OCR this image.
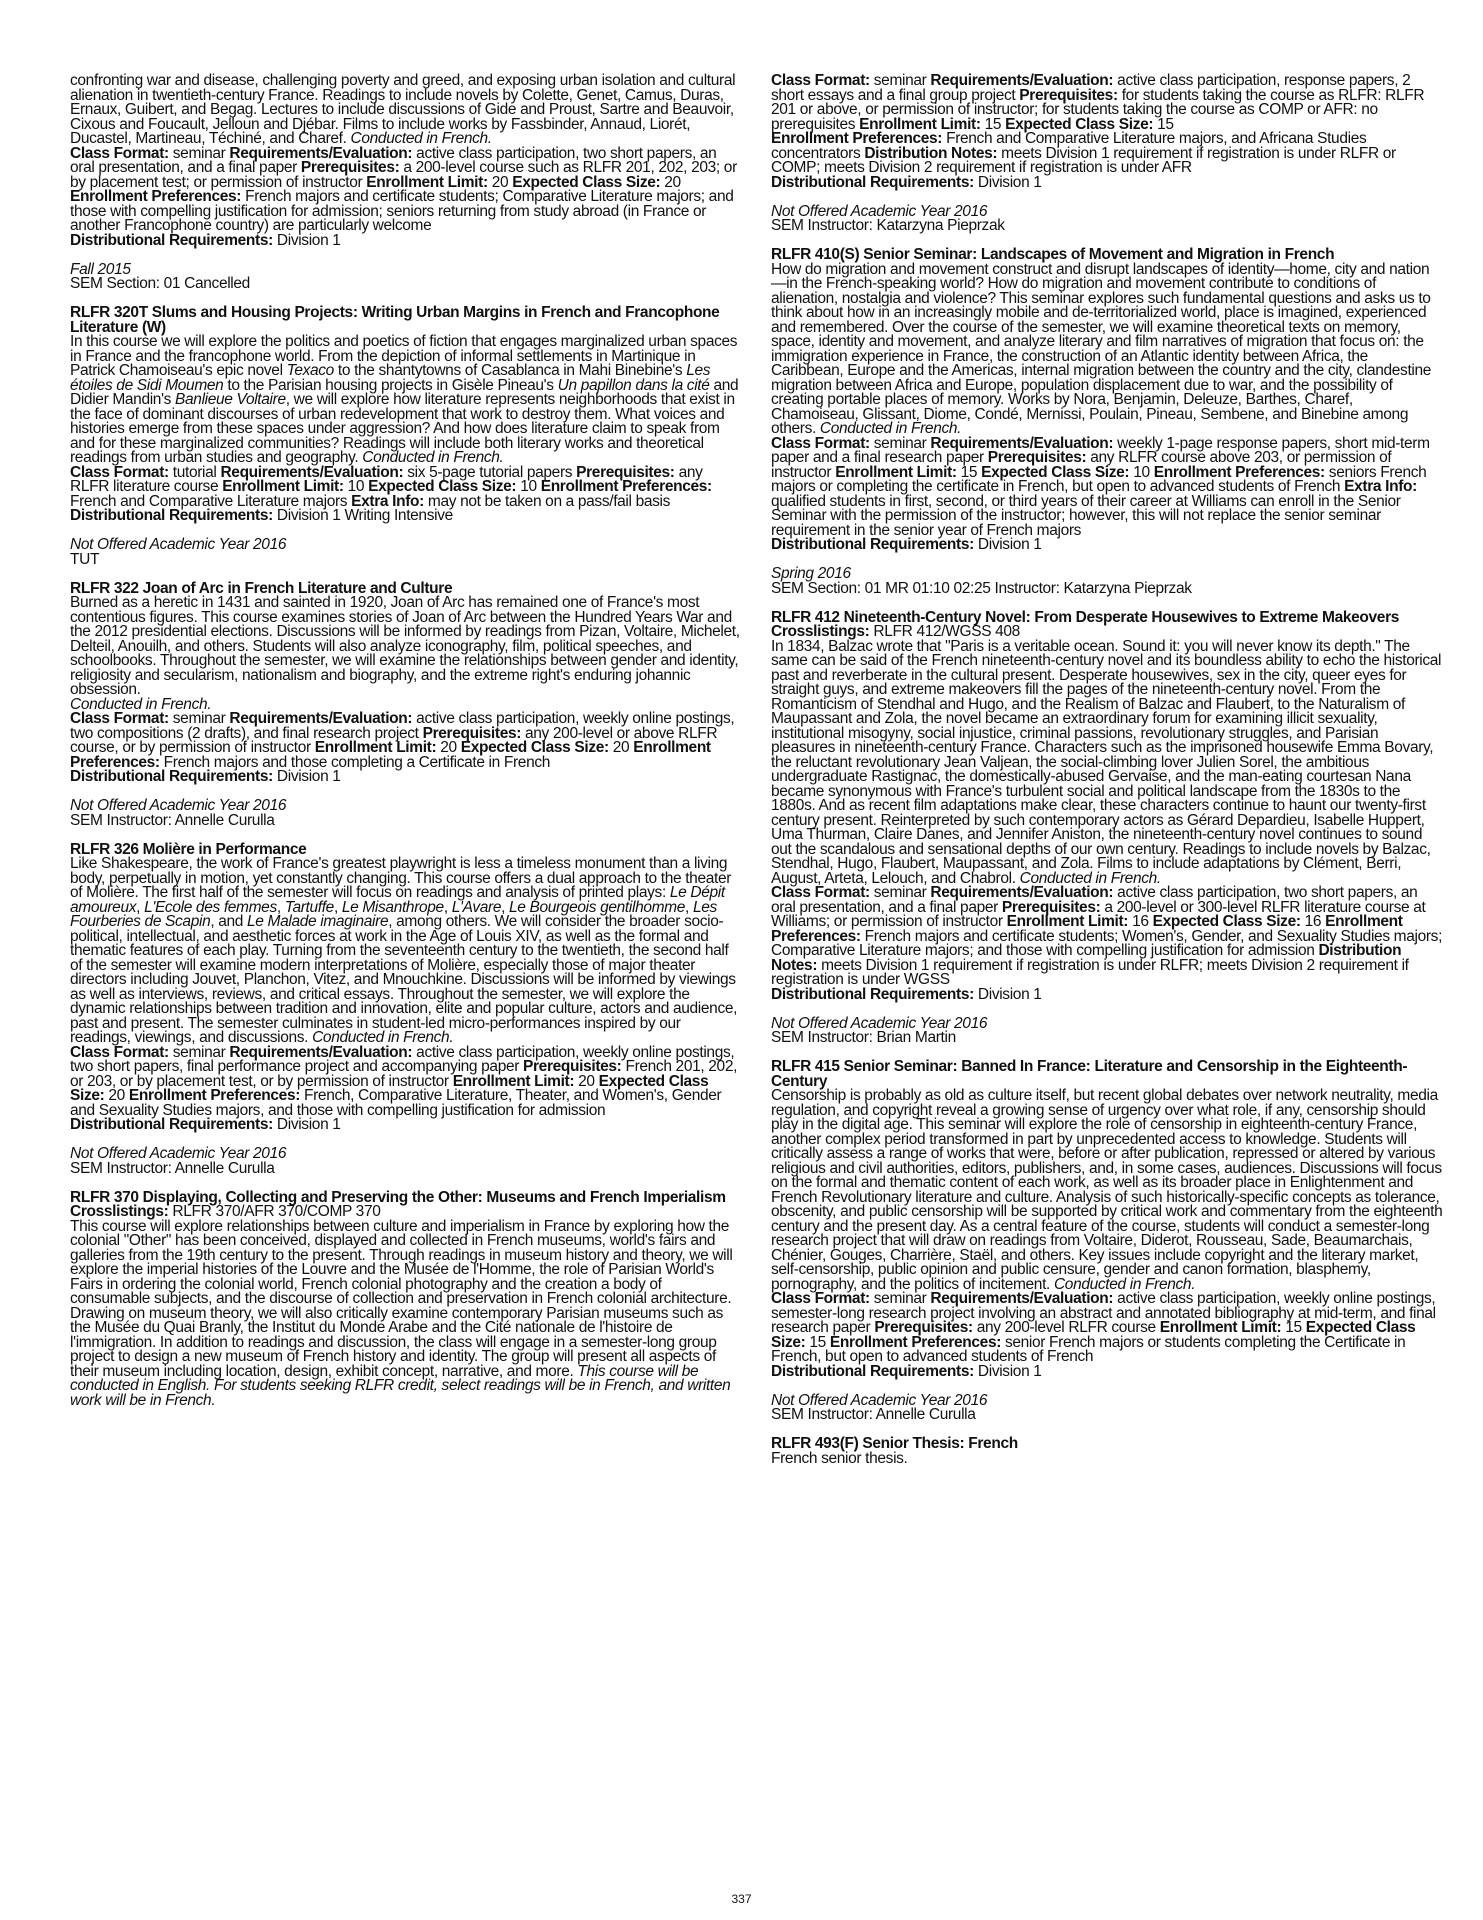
confronting war and disease, challenging poverty and greed, and exposing urban isolation and cultural alienation in twentieth-century France. Readings to include novels by Colette, Genet, Camus, Duras, Ernaux, Guibert, and Begag. Lectures to include discussions of Gide and Proust, Sartre and Beauvoir, Cixous and Foucault, Jelloun and Djébar. Films to include works by Fassbinder, Annaud, Liorét, Ducastel, Martineau, Téchiné, and Charef. Conducted in French.
Class Format: seminar Requirements/Evaluation: active class participation, two short papers, an oral presentation, and a final paper Prerequisites: a 200-level course such as RLFR 201, 202, 203; or by placement test; or permission of instructor Enrollment Limit: 20 Expected Class Size: 20 Enrollment Preferences: French majors and certificate students; Comparative Literature majors; and those with compelling justification for admission; seniors returning from study abroad (in France or another Francophone country) are particularly welcome
Distributional Requirements: Division 1
Fall 2015
SEM Section: 01 Cancelled
RLFR 320T Slums and Housing Projects: Writing Urban Margins in French and Francophone Literature (W)
In this course we will explore the politics and poetics of fiction that engages marginalized urban spaces in France and the francophone world. From the depiction of informal settlements in Martinique in Patrick Chamoiseau's epic novel Texaco to the shantytowns of Casablanca in Mahi Binebine's Les étoiles de Sidi Moumen to the Parisian housing projects in Gisèle Pineau's Un papillon dans la cité and Didier Mandin's Banlieue Voltaire, we will explore how literature represents neighborhoods that exist in the face of dominant discourses of urban redevelopment that work to destroy them. What voices and histories emerge from these spaces under aggression? And how does literature claim to speak from and for these marginalized communities? Readings will include both literary works and theoretical readings from urban studies and geography. Conducted in French.
Class Format: tutorial Requirements/Evaluation: six 5-page tutorial papers Prerequisites: any RLFR literature course Enrollment Limit: 10 Expected Class Size: 10 Enrollment Preferences: French and Comparative Literature majors Extra Info: may not be taken on a pass/fail basis
Distributional Requirements: Division 1 Writing Intensive
Not Offered Academic Year 2016
TUT
RLFR 322 Joan of Arc in French Literature and Culture
Burned as a heretic in 1431 and sainted in 1920, Joan of Arc has remained one of France's most contentious figures. This course examines stories of Joan of Arc between the Hundred Years War and the 2012 presidential elections. Discussions will be informed by readings from Pizan, Voltaire, Michelet, Delteil, Anouilh, and others. Students will also analyze iconography, film, political speeches, and schoolbooks. Throughout the semester, we will examine the relationships between gender and identity, religiosity and secularism, nationalism and biography, and the extreme right's enduring johannic obsession.
Conducted in French.
Class Format: seminar Requirements/Evaluation: active class participation, weekly online postings, two compositions (2 drafts), and final research project Prerequisites: any 200-level or above RLFR course, or by permission of instructor Enrollment Limit: 20 Expected Class Size: 20 Enrollment Preferences: French majors and those completing a Certificate in French
Distributional Requirements: Division 1
Not Offered Academic Year 2016
SEM Instructor: Annelle Curulla
RLFR 326 Molière in Performance
Like Shakespeare, the work of France's greatest playwright is less a timeless monument than a living body, perpetually in motion, yet constantly changing. This course offers a dual approach to the theater of Molière. The first half of the semester will focus on readings and analysis of printed plays: Le Dépit amoureux, L'Ecole des femmes, Tartuffe, Le Misanthrope, L'Avare, Le Bourgeois gentilhomme, Les Fourberies de Scapin, and Le Malade imaginaire, among others. We will consider the broader socio-political, intellectual, and aesthetic forces at work in the Age of Louis XIV, as well as the formal and thematic features of each play. Turning from the seventeenth century to the twentieth, the second half of the semester will examine modern interpretations of Molière, especially those of major theater directors including Jouvet, Planchon, Vitez, and Mnouchkine. Discussions will be informed by viewings as well as interviews, reviews, and critical essays. Throughout the semester, we will explore the dynamic relationships between tradition and innovation, elite and popular culture, actors and audience, past and present. The semester culminates in student-led micro-performances inspired by our readings, viewings, and discussions. Conducted in French.
Class Format: seminar Requirements/Evaluation: active class participation, weekly online postings, two short papers, final performance project and accompanying paper Prerequisites: French 201, 202, or 203, or by placement test, or by permission of instructor Enrollment Limit: 20 Expected Class Size: 20 Enrollment Preferences: French, Comparative Literature, Theater, and Women's, Gender and Sexuality Studies majors, and those with compelling justification for admission
Distributional Requirements: Division 1
Not Offered Academic Year 2016
SEM Instructor: Annelle Curulla
RLFR 370 Displaying, Collecting and Preserving the Other: Museums and French Imperialism Crosslistings: RLFR 370/AFR 370/COMP 370
This course will explore relationships between culture and imperialism in France by exploring how the colonial "Other" has been conceived, displayed and collected in French museums, world's fairs and galleries from the 19th century to the present. Through readings in museum history and theory, we will explore the imperial histories of the Louvre and the Musée de l'Homme, the role of Parisian World's Fairs in ordering the colonial world, French colonial photography and the creation a body of consumable subjects, and the discourse of collection and preservation in French colonial architecture. Drawing on museum theory, we will also critically examine contemporary Parisian museums such as the Musée du Quai Branly, the Institut du Monde Arabe and the Cité nationale de l'histoire de l'immigration. In addition to readings and discussion, the class will engage in a semester-long group project to design a new museum of French history and identity. The group will present all aspects of their museum including location, design, exhibit concept, narrative, and more. This course will be conducted in English. For students seeking RLFR credit, select readings will be in French, and written work will be in French.
Class Format: seminar Requirements/Evaluation: active class participation, response papers, 2 short essays and a final group project Prerequisites: for students taking the course as RLFR: RLFR 201 or above, or permission of instructor; for students taking the course as COMP or AFR: no prerequisites Enrollment Limit: 15 Expected Class Size: 15
Enrollment Preferences: French and Comparative Literature majors, and Africana Studies concentrators Distribution Notes: meets Division 1 requirement if registration is under RLFR or COMP; meets Division 2 requirement if registration is under AFR
Distributional Requirements: Division 1
Not Offered Academic Year 2016
SEM Instructor: Katarzyna Pieprzak
RLFR 410(S) Senior Seminar: Landscapes of Movement and Migration in French
How do migration and movement construct and disrupt landscapes of identity—home, city and nation—in the French-speaking world? How do migration and movement contribute to conditions of alienation, nostalgia and violence? This seminar explores such fundamental questions and asks us to think about how in an increasingly mobile and de-territorialized world, place is imagined, experienced and remembered. Over the course of the semester, we will examine theoretical texts on memory, space, identity and movement, and analyze literary and film narratives of migration that focus on: the immigration experience in France, the construction of an Atlantic identity between Africa, the Caribbean, Europe and the Americas, internal migration between the country and the city, clandestine migration between Africa and Europe, population displacement due to war, and the possibility of creating portable places of memory. Works by Nora, Benjamin, Deleuze, Barthes, Charef, Chamoiseau, Glissant, Diome, Condé, Mernissi, Poulain, Pineau, Sembene, and Binebine among others. Conducted in French.
Class Format: seminar Requirements/Evaluation: weekly 1-page response papers, short mid-term paper and a final research paper Prerequisites: any RLFR course above 203, or permission of instructor Enrollment Limit: 15 Expected Class Size: 10 Enrollment Preferences: seniors French majors or completing the certificate in French, but open to advanced students of French Extra Info: qualified students in first, second, or third years of their career at Williams can enroll in the Senior Seminar with the permission of the instructor; however, this will not replace the senior seminar requirement in the senior year of French majors
Distributional Requirements: Division 1
Spring 2016
SEM Section: 01 MR 01:10 02:25 Instructor: Katarzyna Pieprzak
RLFR 412 Nineteenth-Century Novel: From Desperate Housewives to Extreme Makeovers Crosslistings: RLFR 412/WGSS 408
In 1834, Balzac wrote that "Paris is a veritable ocean. Sound it: you will never know its depth." The same can be said of the French nineteenth-century novel and its boundless ability to echo the historical past and reverberate in the cultural present. Desperate housewives, sex in the city, queer eyes for straight guys, and extreme makeovers fill the pages of the nineteenth-century novel. From the Romanticism of Stendhal and Hugo, and the Realism of Balzac and Flaubert, to the Naturalism of Maupassant and Zola, the novel became an extraordinary forum for examining illicit sexuality, institutional misogyny, social injustice, criminal passions, revolutionary struggles, and Parisian pleasures in nineteenth-century France. Characters such as the imprisoned housewife Emma Bovary, the reluctant revolutionary Jean Valjean, the social-climbing lover Julien Sorel, the ambitious undergraduate Rastignac, the domestically-abused Gervaise, and the man-eating courtesan Nana became synonymous with France's turbulent social and political landscape from the 1830s to the 1880s. And as recent film adaptations make clear, these characters continue to haunt our twenty-first century present. Reinterpreted by such contemporary actors as Gérard Depardieu, Isabelle Huppert, Uma Thurman, Claire Danes, and Jennifer Aniston, the nineteenth-century novel continues to sound out the scandalous and sensational depths of our own century. Readings to include novels by Balzac, Stendhal, Hugo, Flaubert, Maupassant, and Zola. Films to include adaptations by Clément, Berri, August, Arteta, Lelouch, and Chabrol. Conducted in French.
Class Format: seminar Requirements/Evaluation: active class participation, two short papers, an oral presentation, and a final paper Prerequisites: a 200-level or 300-level RLFR literature course at Williams; or permission of instructor Enrollment Limit: 16 Expected Class Size: 16 Enrollment Preferences: French majors and certificate students; Women's, Gender, and Sexuality Studies majors; Comparative Literature majors; and those with compelling justification for admission Distribution Notes: meets Division 1 requirement if registration is under RLFR; meets Division 2 requirement if registration is under WGSS
Distributional Requirements: Division 1
Not Offered Academic Year 2016
SEM Instructor: Brian Martin
RLFR 415 Senior Seminar: Banned In France: Literature and Censorship in the Eighteenth-Century
Censorship is probably as old as culture itself, but recent global debates over network neutrality, media regulation, and copyright reveal a growing sense of urgency over what role, if any, censorship should play in the digital age. This seminar will explore the role of censorship in eighteenth-century France, another complex period transformed in part by unprecedented access to knowledge. Students will critically assess a range of works that were, before or after publication, repressed or altered by various religious and civil authorities, editors, publishers, and, in some cases, audiences. Discussions will focus on the formal and thematic content of each work, as well as its broader place in Enlightenment and French Revolutionary literature and culture. Analysis of such historically-specific concepts as tolerance, obscenity, and public censorship will be supported by critical work and commentary from the eighteenth century and the present day. As a central feature of the course, students will conduct a semester-long research project that will draw on readings from Voltaire, Diderot, Rousseau, Sade, Beaumarchais, Chénier, Gouges, Charrière, Staël, and others. Key issues include copyright and the literary market, self-censorship, public opinion and public censure, gender and canon formation, blasphemy, pornography, and the politics of incitement. Conducted in French.
Class Format: seminar Requirements/Evaluation: active class participation, weekly online postings, semester-long research project involving an abstract and annotated bibliography at mid-term, and final research paper Prerequisites: any 200-level RLFR course Enrollment Limit: 15 Expected Class Size: 15 Enrollment Preferences: senior French majors or students completing the Certificate in French, but open to advanced students of French
Distributional Requirements: Division 1
Not Offered Academic Year 2016
SEM Instructor: Annelle Curulla
RLFR 493(F) Senior Thesis: French
French senior thesis.
337
